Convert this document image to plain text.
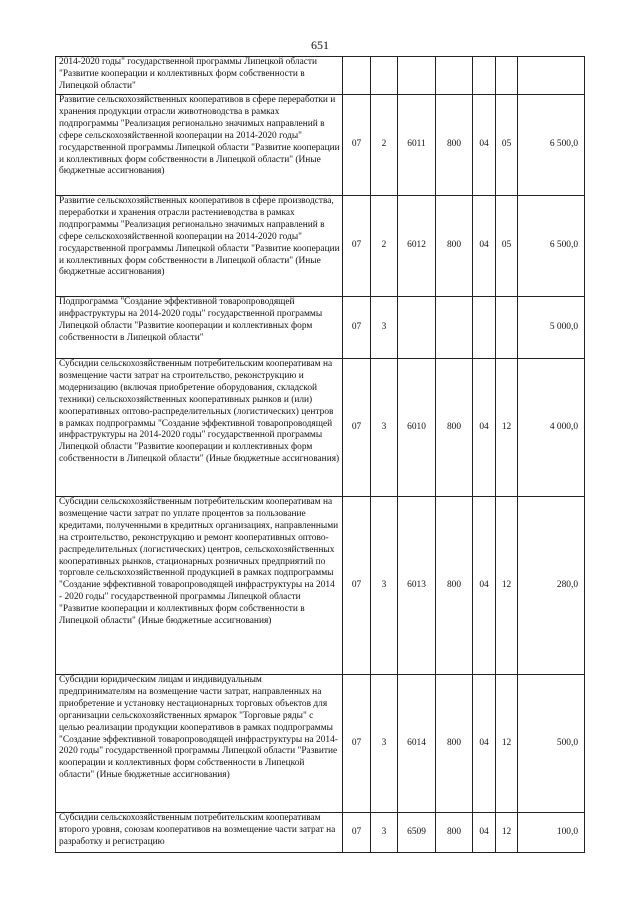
651
2014-2020 годы" государственной программы Липецкой области "Развитие кооперации и коллективных форм собственности в Липецкой области"							
Развитие сельскохозяйственных кооперативов в сфере переработки и хранения продукции отрасли животноводства в рамках подпрограммы "Реализация регионально значимых направлений в сфере сельскохозяйственной кооперации на 2014-2020 годы" государственной программы Липецкой области "Развитие кооперации и коллективных форм собственности в Липецкой области" (Иные бюджетные ассигнования)	07	2	6011	800	04	05	6 500,0
Развитие сельскохозяйственных кооперативов в сфере производства, переработки и хранения отрасли растениеводства в рамках подпрограммы "Реализация регионально значимых направлений в сфере сельскохозяйственной кооперации на 2014-2020 годы" государственной программы Липецкой области "Развитие кооперации и коллективных форм собственности в Липецкой области" (Иные бюджетные ассигнования)	07	2	6012	800	04	05	6 500,0
Подпрограмма "Создание эффективной товаропроводящей инфраструктуры на 2014-2020 годы" государственной программы Липецкой области "Развитие кооперации и коллективных форм собственности в Липецкой области"	07	3					5 000,0
Субсидии сельскохозяйственным потребительским кооперативам на возмещение части затрат на строительство, реконструкцию и модернизацию (включая приобретение оборудования, складской техники) сельскохозяйственных кооперативных рынков и (или) кооперативных оптово-распределительных (логистических) центров в рамках подпрограммы "Создание эффективной товаропроводящей инфраструктуры на 2014-2020 годы" государственной программы Липецкой области "Развитие кооперации и коллективных форм собственности в Липецкой области" (Иные бюджетные ассигнования)	07	3	6010	800	04	12	4 000,0
Субсидии сельскохозяйственным потребительским кооперативам на возмещение части затрат по уплате процентов за пользование кредитами, полученными в кредитных организациях, направленными на строительство, реконструкцию и ремонт кооперативных оптово-распределительных (логистических) центров, сельскохозяйственных кооперативных рынков, стационарных розничных предприятий по торговле сельскохозяйственной продукцией в рамках подпрограммы "Создание эффективной товаропроводящей инфраструктуры на 2014 - 2020 годы" государственной программы Липецкой области "Развитие кооперации и коллективных форм собственности в Липецкой области" (Иные бюджетные ассигнования)	07	3	6013	800	04	12	280,0
Субсидии юридическим лицам и индивидуальным предпринимателям на возмещение части затрат, направленных на приобретение и установку нестационарных торговых объектов для организации сельскохозяйственных ярмарок "Торговые ряды" с целью реализации продукции кооперативов в рамках подпрограммы "Создание эффективной товаропроводящей инфраструктуры на 2014-2020 годы" государственной программы Липецкой области "Развитие кооперации и коллективных форм собственности в Липецкой области" (Иные бюджетные ассигнования)	07	3	6014	800	04	12	500,0
Субсидии сельскохозяйственным потребительским кооперативам второго уровня, союзам кооперативов на возмещение части затрат на разработку и регистрацию	07	3	6509	800	04	12	100,0
